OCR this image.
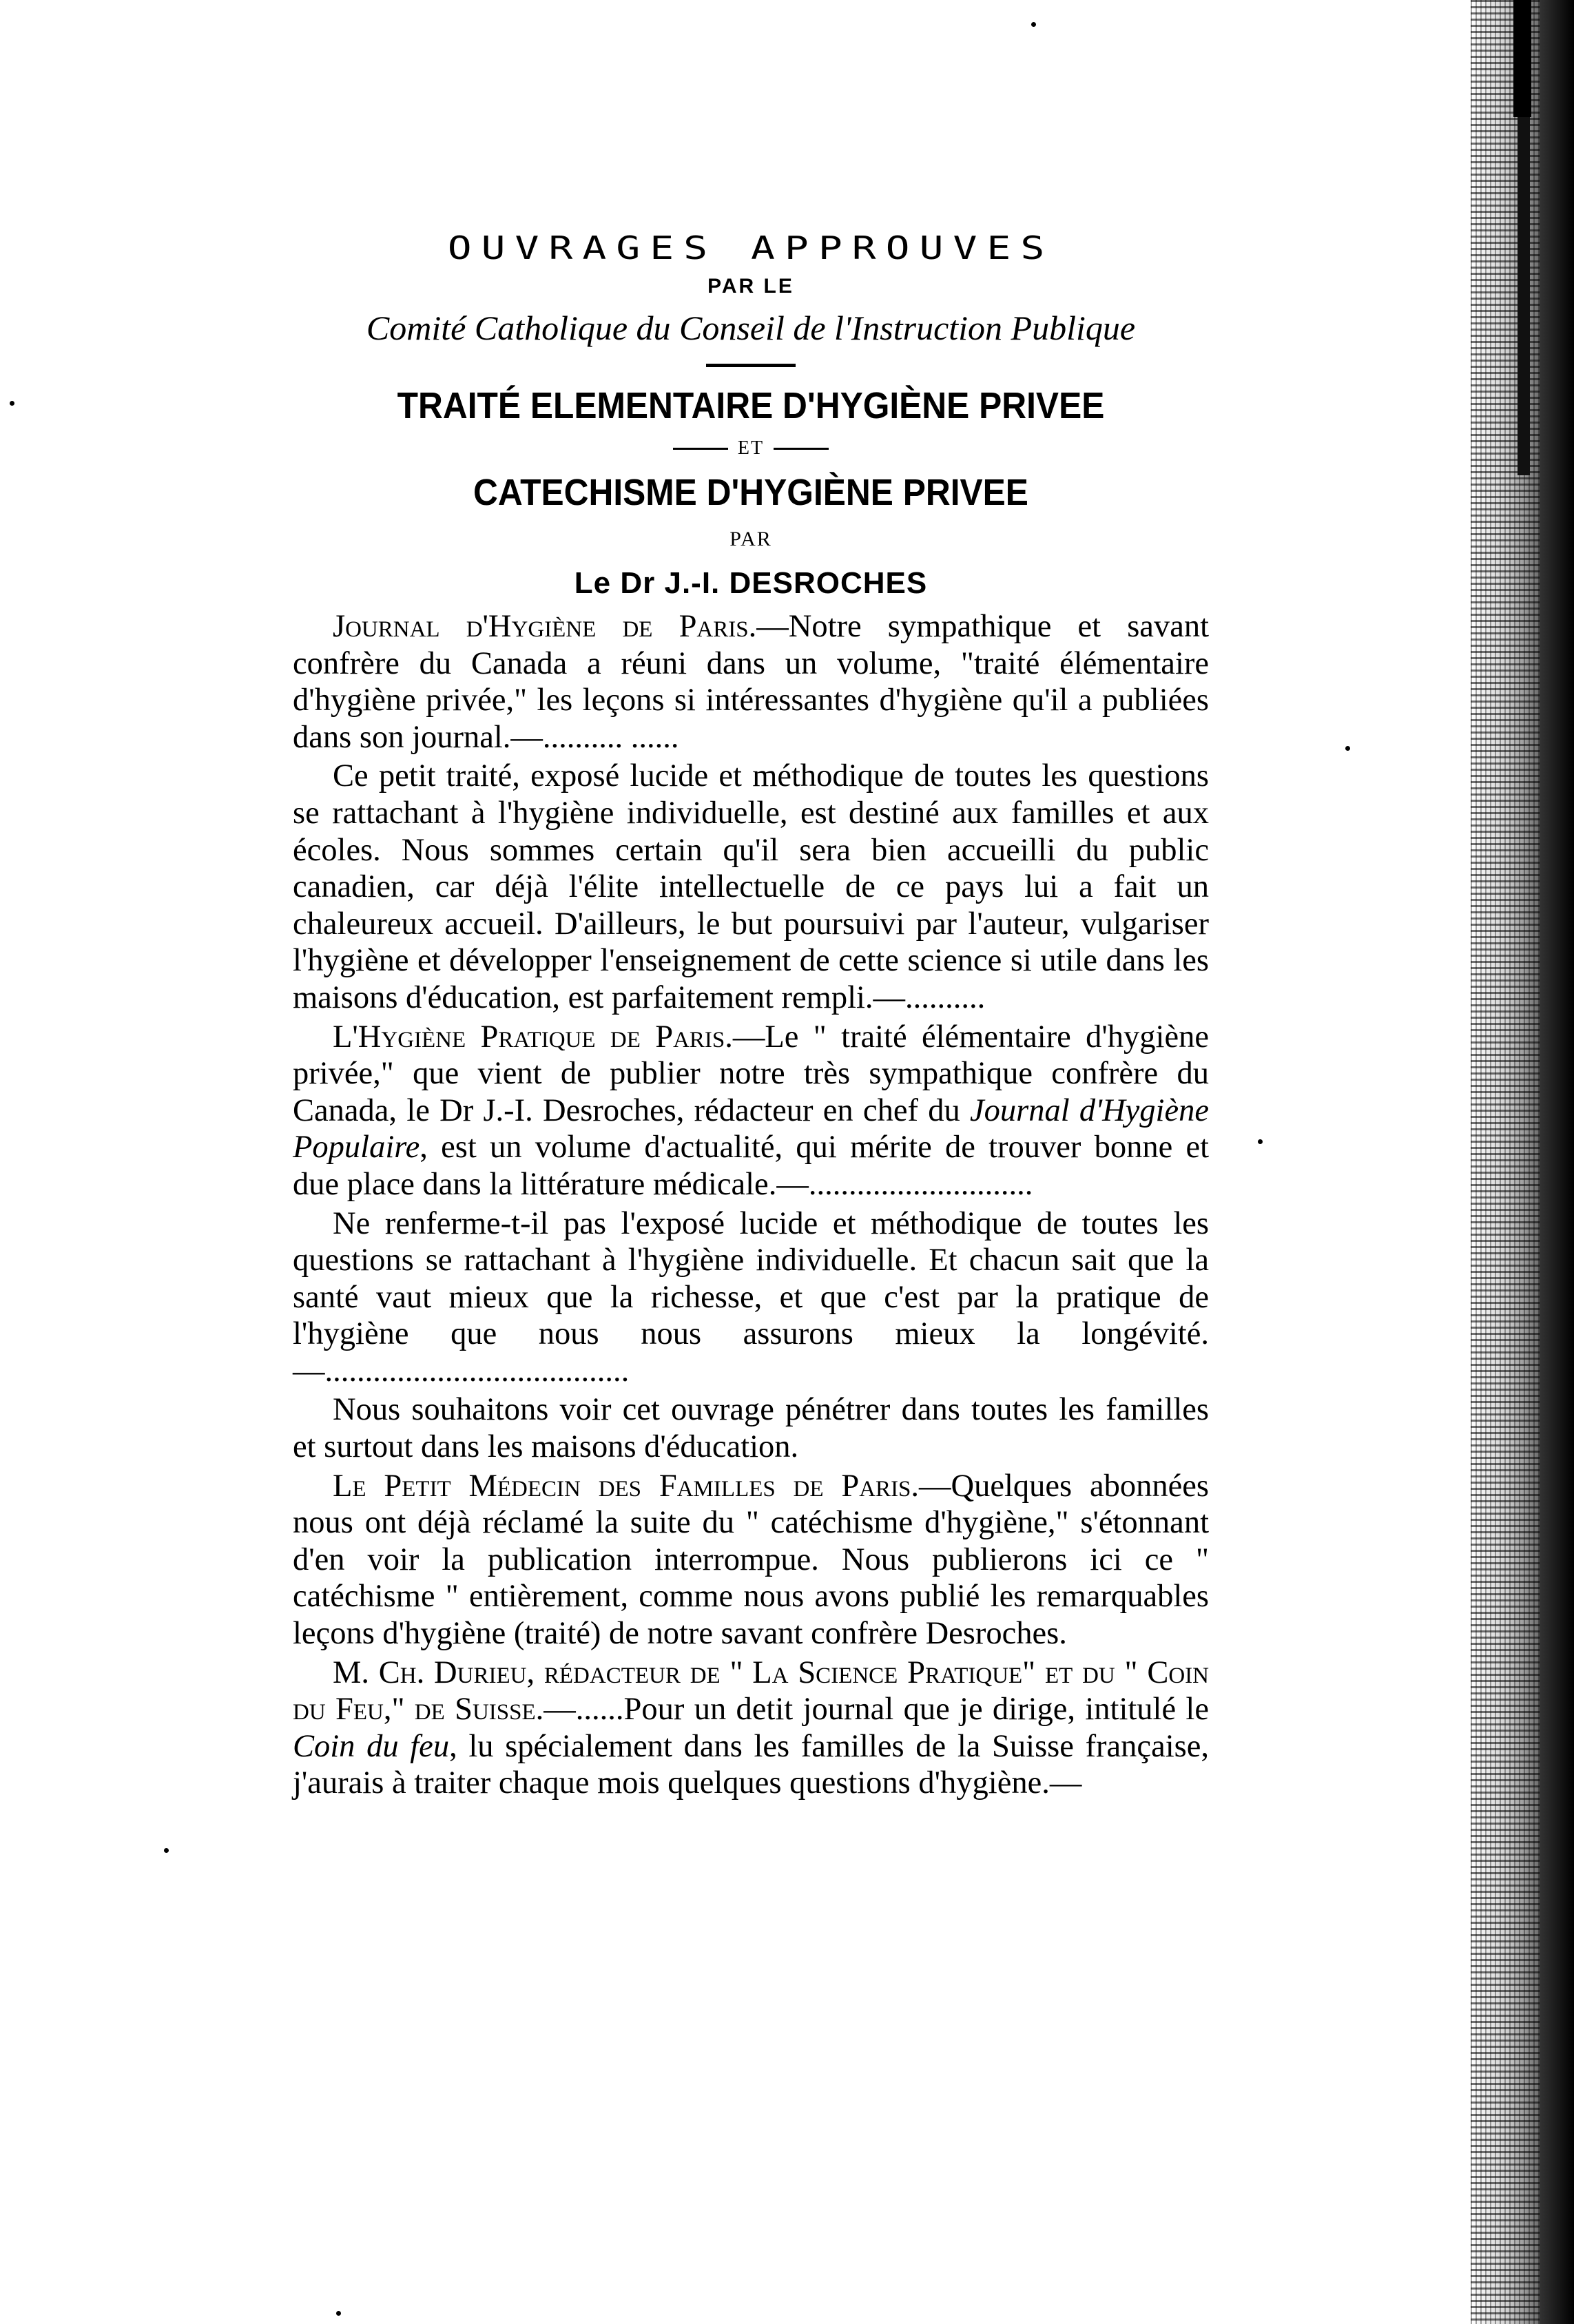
OUVRAGES APPROUVES
PAR LE
Comité Catholique du Conseil de l'Instruction Publique
TRAITÉ ELEMENTAIRE D'HYGIÈNE PRIVEE
ET
CATECHISME D'HYGIÈNE PRIVEE
PAR
Le Dr J.-I. DESROCHES

Journal d'Hygiène de Paris.—Notre sympathique et savant confrère du Canada a réuni dans un volume, "traité élémentaire d'hygiène privée," les leçons si intéressantes d'hygiène qu'il a publiées dans son journal.—.......... ......

Ce petit traité, exposé lucide et méthodique de toutes les questions se rattachant à l'hygiène individuelle, est destiné aux familles et aux écoles. Nous sommes certain qu'il sera bien accueilli du public canadien, car déjà l'élite intellectuelle de ce pays lui a fait un chaleureux accueil. D'ailleurs, le but poursuivi par l'auteur, vulgariser l'hygiène et développer l'enseignement de cette science si utile dans les maisons d'éducation, est parfaitement rempli.—..........

L'Hygiène Pratique de Paris.—Le " traité élémentaire d'hygiène privée," que vient de publier notre très sympathique confrère du Canada, le Dr J.-I. Desroches, rédacteur en chef du Journal d'Hygiène Populaire, est un volume d'actualité, qui mérite de trouver bonne et due place dans la littérature médicale.—............................

Ne renferme-t-il pas l'exposé lucide et méthodique de toutes les questions se rattachant à l'hygiène individuelle. Et chacun sait que la santé vaut mieux que la richesse, et que c'est par la pratique de l'hygiène que nous nous assurons mieux la longévité.—......................................

Nous souhaitons voir cet ouvrage pénétrer dans toutes les familles et surtout dans les maisons d'éducation.

Le Petit Médecin des Familles de Paris.—Quelques abonnées nous ont déjà réclamé la suite du " catéchisme d'hygiène," s'étonnant d'en voir la publication interrompue. Nous publierons ici ce " catéchisme " entièrement, comme nous avons publié les remarquables leçons d'hygiène (traité) de notre savant confrère Desroches.

M. Ch. Durieu, rédacteur de " La Science Pratique" et du " Coin du Feu," de Suisse.—......Pour un detit journal que je dirige, intitulé le Coin du feu, lu spécialement dans les familles de la Suisse française, j'aurais à traiter chaque mois quelques questions d'hygiène.—
